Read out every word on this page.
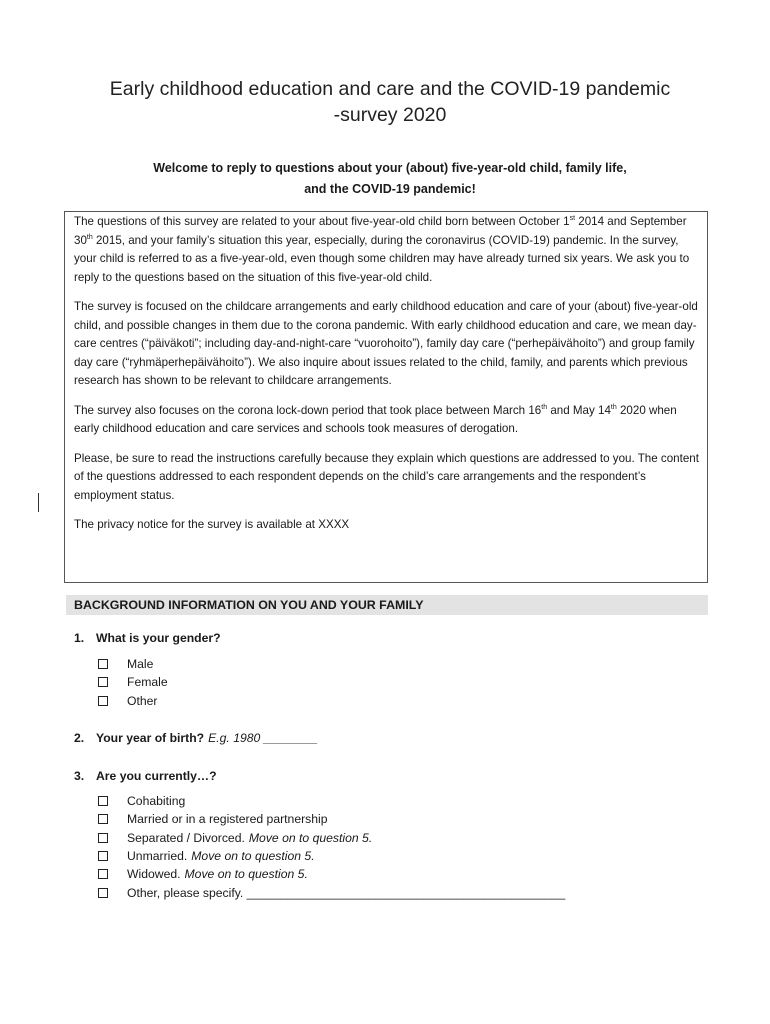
Early childhood education and care and the COVID-19 pandemic
-survey 2020
Welcome to reply to questions about your (about) five-year-old child, family life,
and the COVID-19 pandemic!

The questions of this survey are related to your about five-year-old child born between October 1st 2014 and September 30th 2015, and your family’s situation this year, especially, during the coronavirus (COVID-19) pandemic. In the survey, your child is referred to as a five-year-old, even though some children may have already turned six years. We ask you to reply to the questions based on the situation of this five-year-old child.

The survey is focused on the childcare arrangements and early childhood education and care of your (about) five-year-old child, and possible changes in them due to the corona pandemic. With early childhood education and care, we mean day-care centres (“päiväkoti”; including day-and-night-care “vuorohoito”), family day care (“perhepäivähoito”) and group family day care (“ryhmäperhepäivähoito”). We also inquire about issues related to the child, family, and parents which previous research has shown to be relevant to childcare arrangements.

The survey also focuses on the corona lock-down period that took place between March 16th and May 14th 2020 when early childhood education and care services and schools took measures of derogation.

Please, be sure to read the instructions carefully because they explain which questions are addressed to you. The content of the questions addressed to each respondent depends on the child’s care arrangements and the respondent’s employment status.

The privacy notice for the survey is available at XXXX

BACKGROUND INFORMATION ON YOU AND YOUR FAMILY
1. What is your gender?
Male
Female
Other
2. Your year of birth? E.g. 1980 ________
3. Are you currently…?
Cohabiting
Married or in a registered partnership
Separated / Divorced. Move on to question 5.
Unmarried. Move on to question 5.
Widowed. Move on to question 5.
Other, please specify. _______________________________________________
